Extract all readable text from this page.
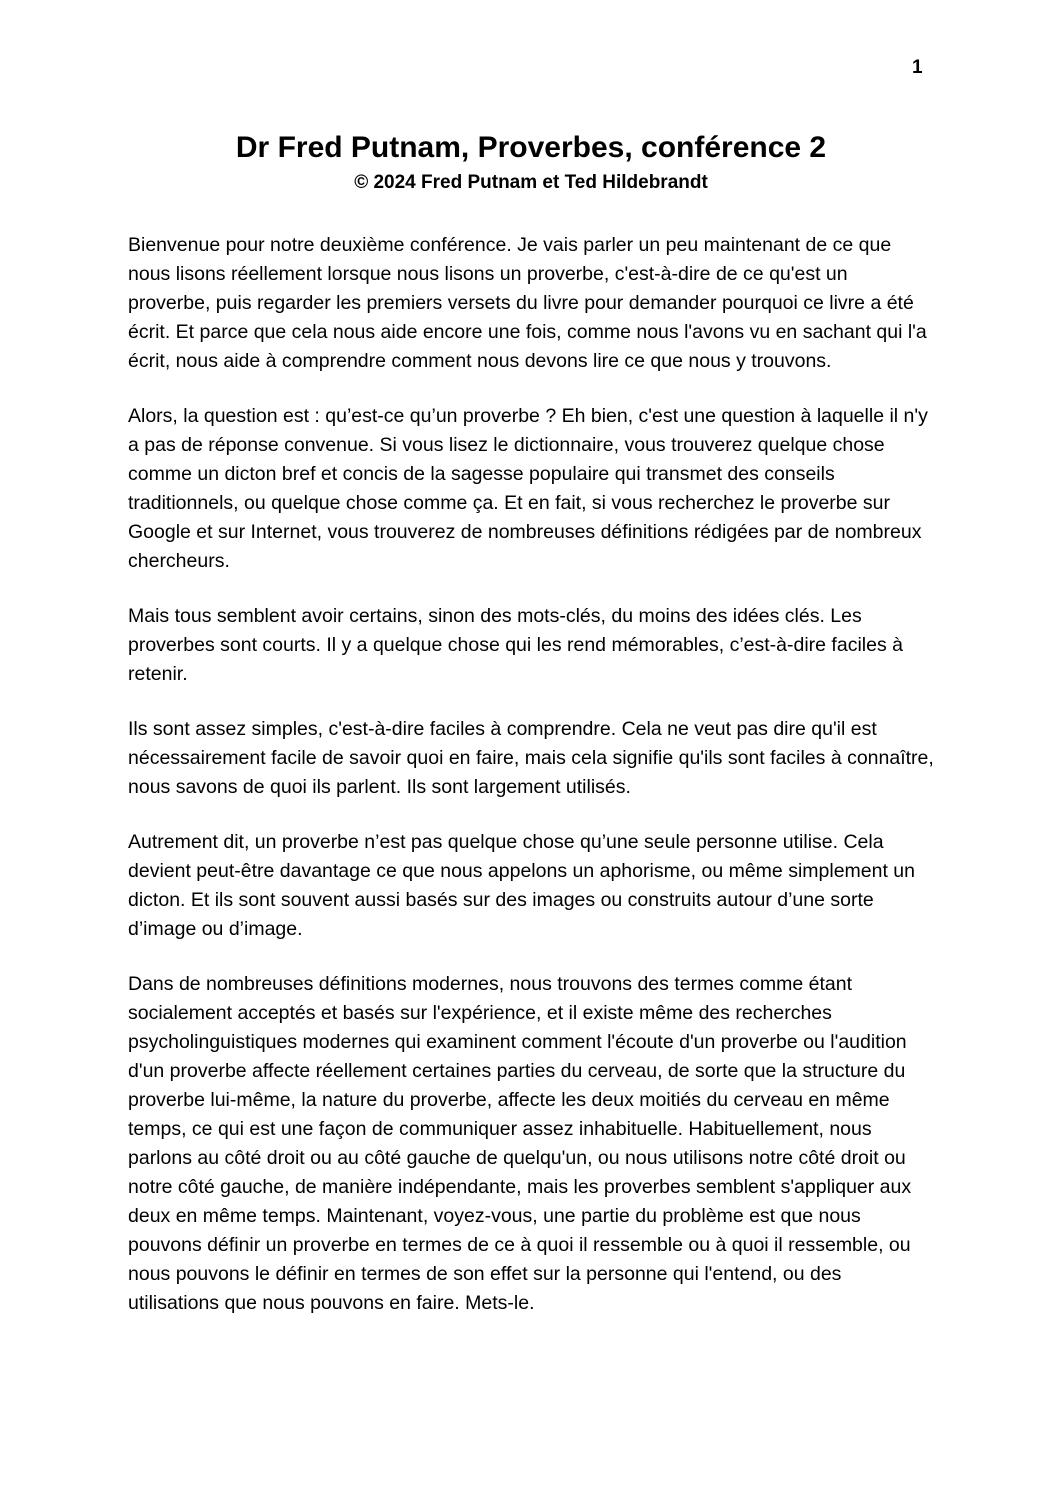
1
Dr Fred Putnam, Proverbes, conférence 2
© 2024 Fred Putnam et Ted Hildebrandt

Bienvenue pour notre deuxième conférence. Je vais parler un peu maintenant de ce que nous lisons réellement lorsque nous lisons un proverbe, c'est-à-dire de ce qu'est un proverbe, puis regarder les premiers versets du livre pour demander pourquoi ce livre a été écrit. Et parce que cela nous aide encore une fois, comme nous l'avons vu en sachant qui l'a écrit, nous aide à comprendre comment nous devons lire ce que nous y trouvons.

Alors, la question est : qu’est-ce qu’un proverbe ? Eh bien, c'est une question à laquelle il n'y a pas de réponse convenue. Si vous lisez le dictionnaire, vous trouverez quelque chose comme un dicton bref et concis de la sagesse populaire qui transmet des conseils traditionnels, ou quelque chose comme ça. Et en fait, si vous recherchez le proverbe sur Google et sur Internet, vous trouverez de nombreuses définitions rédigées par de nombreux chercheurs.

Mais tous semblent avoir certains, sinon des mots-clés, du moins des idées clés. Les proverbes sont courts. Il y a quelque chose qui les rend mémorables, c’est-à-dire faciles à retenir.

Ils sont assez simples, c'est-à-dire faciles à comprendre. Cela ne veut pas dire qu'il est nécessairement facile de savoir quoi en faire, mais cela signifie qu'ils sont faciles à connaître, nous savons de quoi ils parlent. Ils sont largement utilisés.

Autrement dit, un proverbe n’est pas quelque chose qu’une seule personne utilise. Cela devient peut-être davantage ce que nous appelons un aphorisme, ou même simplement un dicton. Et ils sont souvent aussi basés sur des images ou construits autour d’une sorte d’image ou d’image.

Dans de nombreuses définitions modernes, nous trouvons des termes comme étant socialement acceptés et basés sur l'expérience, et il existe même des recherches psycholinguistiques modernes qui examinent comment l'écoute d'un proverbe ou l'audition d'un proverbe affecte réellement certaines parties du cerveau, de sorte que la structure du proverbe lui-même, la nature du proverbe, affecte les deux moitiés du cerveau en même temps, ce qui est une façon de communiquer assez inhabituelle. Habituellement, nous parlons au côté droit ou au côté gauche de quelqu'un, ou nous utilisons notre côté droit ou notre côté gauche, de manière indépendante, mais les proverbes semblent s'appliquer aux deux en même temps. Maintenant, voyez-vous, une partie du problème est que nous pouvons définir un proverbe en termes de ce à quoi il ressemble ou à quoi il ressemble, ou nous pouvons le définir en termes de son effet sur la personne qui l'entend, ou des utilisations que nous pouvons en faire. Mets-le.
